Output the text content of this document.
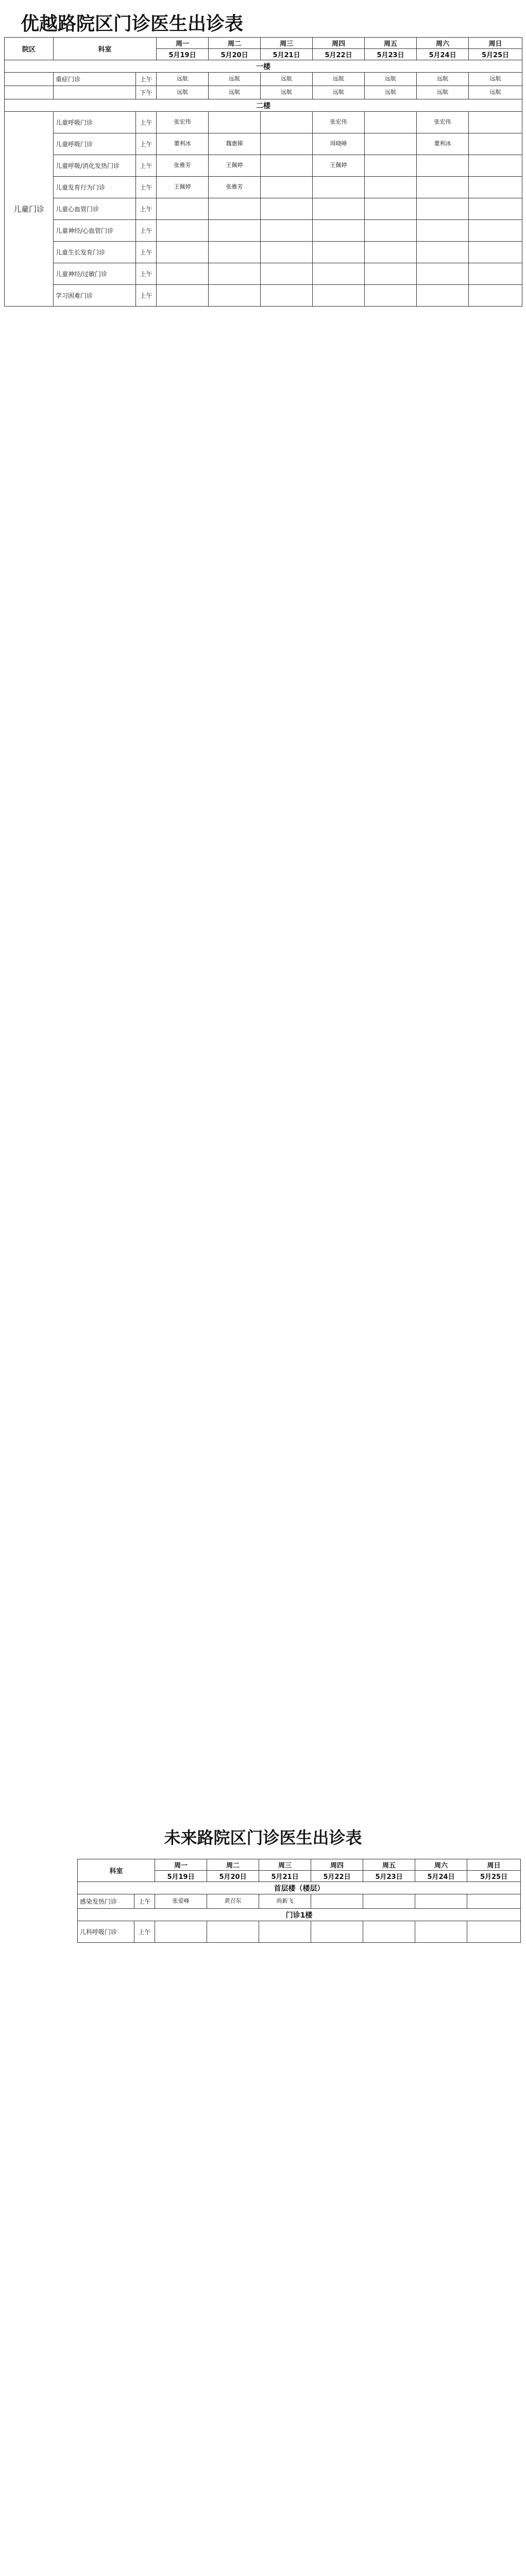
优越路院区门诊医生出诊表
院区	科室		周一	周二	周三	周四	周五	周六	周日
			5月19日	5月20日	5月21日	5月22日	5月23日	5月24日	5月25日
一楼									
	重症门诊	上午	远航	远航	远航	远航	远航	远航	远航
		下午	远航	远航	远航	远航	远航	远航	远航
二楼									
儿童门诊	儿童呼吸门诊	上午	张宏伟			张宏伟		张宏伟	
	儿童呼吸门诊	上午	董利冰	魏惠娣		周晓峰		董利冰	
	儿童呼吸/消化发热门诊	上午	张雅芳	王佩婷		王佩婷			
	儿童发育行为门诊	上午	王佩婷	张雅芳					
	儿童心血管门诊	上午							
	儿童神经/心血管门诊	上午							
	儿童生长发育门诊	上午							
	儿童神经/过敏门诊	上午							
	学习困难门诊	上午							
未来路院区门诊医生出诊表
科室		周一	周二	周三	周四	周五	周六	周日
		5月19日	5月20日	5月21日	5月22日	5月23日	5月24日	5月25日
首层楼（楼层）								
感染发热门诊	上午	张爱峰	黄召东	尚新飞				
门诊1楼								
儿科呼吸门诊	上午							
